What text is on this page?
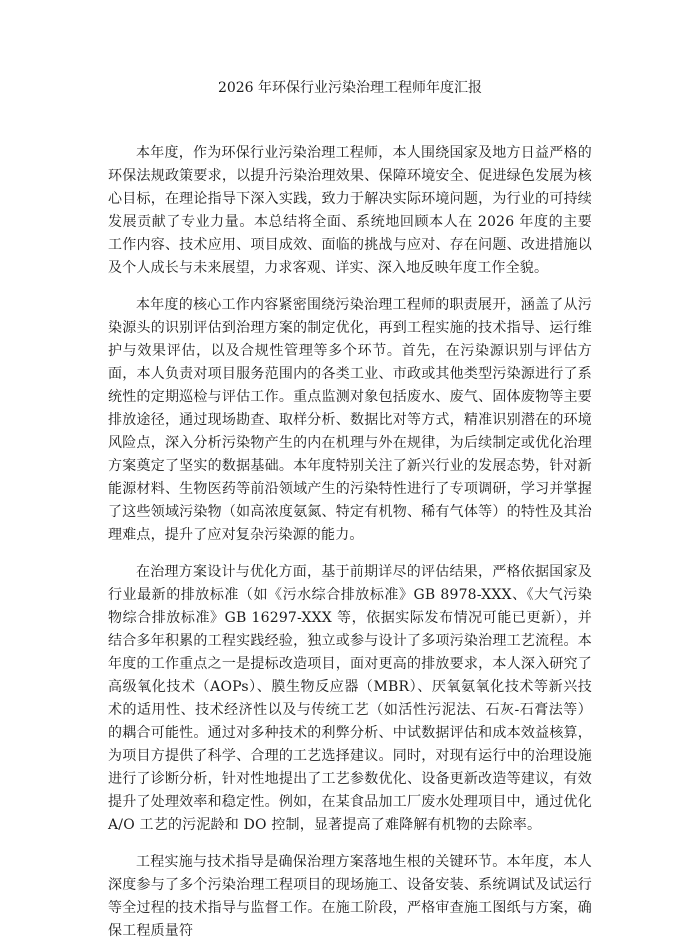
2026 年环保行业污染治理工程师年度汇报

本年度，作为环保行业污染治理工程师，本人围绕国家及地方日益严格的环保法规政策要求，以提升污染治理效果、保障环境安全、促进绿色发展为核心目标，在理论指导下深入实践，致力于解决实际环境问题，为行业的可持续发展贡献了专业力量。本总结将全面、系统地回顾本人在 2026 年度的主要工作内容、技术应用、项目成效、面临的挑战与应对、存在问题、改进措施以及个人成长与未来展望，力求客观、详实、深入地反映年度工作全貌。

本年度的核心工作内容紧密围绕污染治理工程师的职责展开，涵盖了从污染源头的识别评估到治理方案的制定优化，再到工程实施的技术指导、运行维护与效果评估，以及合规性管理等多个环节。首先，在污染源识别与评估方面，本人负责对项目服务范围内的各类工业、市政或其他类型污染源进行了系统性的定期巡检与评估工作。重点监测对象包括废水、废气、固体废物等主要排放途径，通过现场勘查、取样分析、数据比对等方式，精准识别潜在的环境风险点，深入分析污染物产生的内在机理与外在规律，为后续制定或优化治理方案奠定了坚实的数据基础。本年度特别关注了新兴行业的发展态势，针对新能源材料、生物医药等前沿领域产生的污染特性进行了专项调研，学习并掌握了这些领域污染物（如高浓度氨氮、特定有机物、稀有气体等）的特性及其治理难点，提升了应对复杂污染源的能力。

在治理方案设计与优化方面，基于前期详尽的评估结果，严格依据国家及行业最新的排放标准（如《污水综合排放标准》GB 8978-XXX、《大气污染物综合排放标准》GB 16297-XXX 等，依据实际发布情况可能已更新），并结合多年积累的工程实践经验，独立或参与设计了多项污染治理工艺流程。本年度的工作重点之一是提标改造项目，面对更高的排放要求，本人深入研究了高级氧化技术（AOPs）、膜生物反应器（MBR）、厌氧氨氧化技术等新兴技术的适用性、技术经济性以及与传统工艺（如活性污泥法、石灰-石膏法等）的耦合可能性。通过对多种技术的利弊分析、中试数据评估和成本效益核算，为项目方提供了科学、合理的工艺选择建议。同时，对现有运行中的治理设施进行了诊断分析，针对性地提出了工艺参数优化、设备更新改造等建议，有效提升了处理效率和稳定性。例如，在某食品加工厂废水处理项目中，通过优化 A/O 工艺的污泥龄和 DO 控制，显著提高了难降解有机物的去除率。

工程实施与技术指导是确保治理方案落地生根的关键环节。本年度，本人深度参与了多个污染治理工程项目的现场施工、设备安装、系统调试及试运行等全过程的技术指导与监督工作。在施工阶段，严格审查施工图纸与方案，确保工程质量符
